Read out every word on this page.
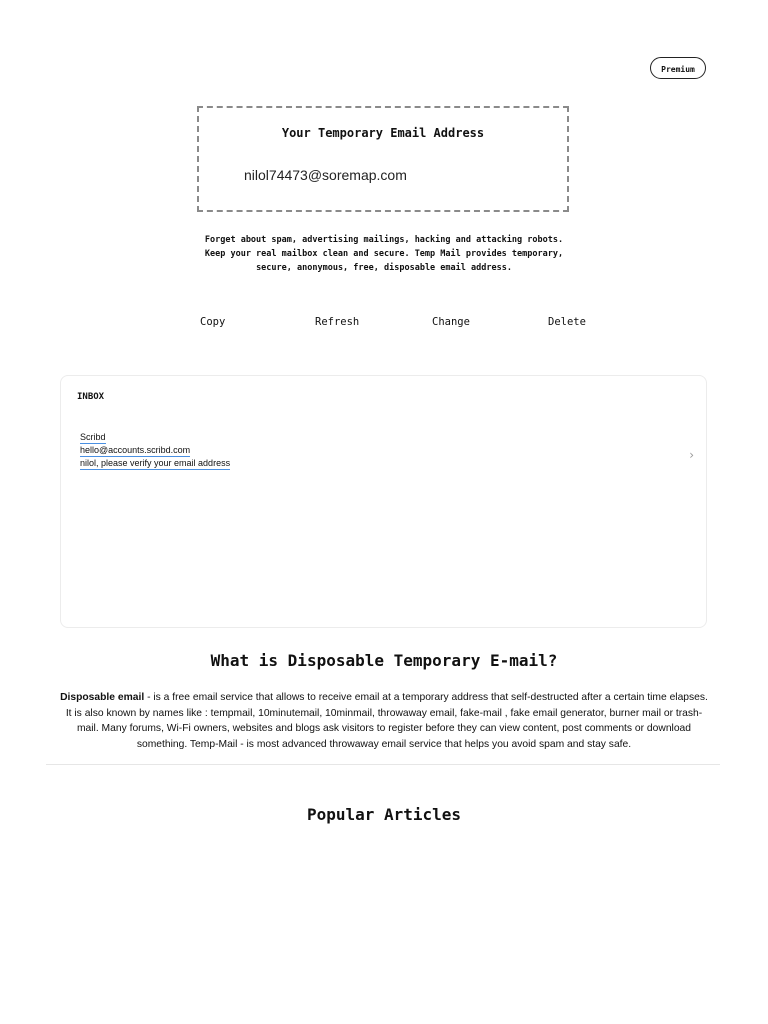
Premium
Your Temporary Email Address
nilol74473@soremap.com
Forget about spam, advertising mailings, hacking and attacking robots.
Keep your real mailbox clean and secure. Temp Mail provides temporary,
secure, anonymous, free, disposable email address.
Copy	Refresh	Change	Delete
INBOX
Scribd
hello@accounts.scribd.com
nilol, please verify your email address
›
What is Disposable Temporary E-mail?
Disposable email - is a free email service that allows to receive email at a temporary address that self-destructed after a certain time elapses. It is also known by names like : tempmail, 10minutemail, 10minmail, throwaway email, fake-mail , fake email generator, burner mail or trash-mail. Many forums, Wi-Fi owners, websites and blogs ask visitors to register before they can view content, post comments or download something. Temp-Mail - is most advanced throwaway email service that helps you avoid spam and stay safe.
Popular Articles
